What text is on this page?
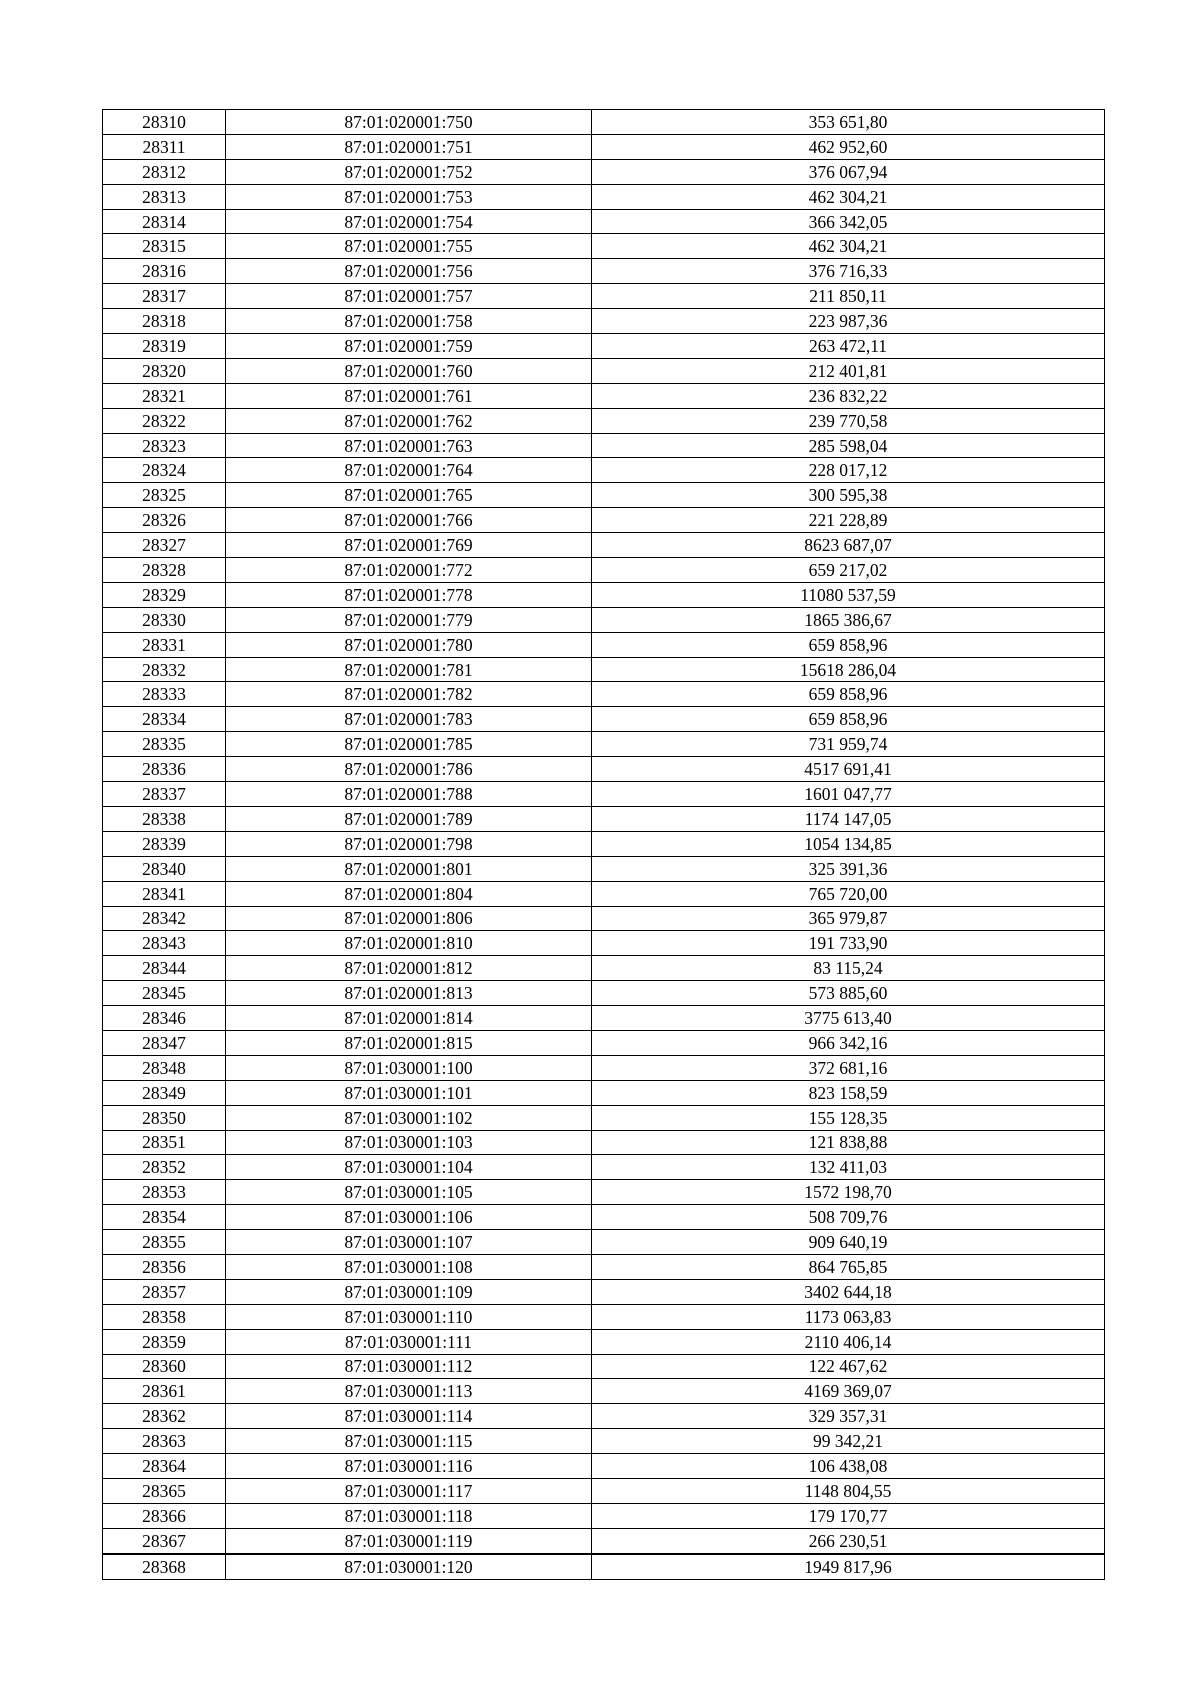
28310	87:01:020001:750	353 651,80
28311	87:01:020001:751	462 952,60
28312	87:01:020001:752	376 067,94
28313	87:01:020001:753	462 304,21
28314	87:01:020001:754	366 342,05
28315	87:01:020001:755	462 304,21
28316	87:01:020001:756	376 716,33
28317	87:01:020001:757	211 850,11
28318	87:01:020001:758	223 987,36
28319	87:01:020001:759	263 472,11
28320	87:01:020001:760	212 401,81
28321	87:01:020001:761	236 832,22
28322	87:01:020001:762	239 770,58
28323	87:01:020001:763	285 598,04
28324	87:01:020001:764	228 017,12
28325	87:01:020001:765	300 595,38
28326	87:01:020001:766	221 228,89
28327	87:01:020001:769	8623 687,07
28328	87:01:020001:772	659 217,02
28329	87:01:020001:778	11080 537,59
28330	87:01:020001:779	1865 386,67
28331	87:01:020001:780	659 858,96
28332	87:01:020001:781	15618 286,04
28333	87:01:020001:782	659 858,96
28334	87:01:020001:783	659 858,96
28335	87:01:020001:785	731 959,74
28336	87:01:020001:786	4517 691,41
28337	87:01:020001:788	1601 047,77
28338	87:01:020001:789	1174 147,05
28339	87:01:020001:798	1054 134,85
28340	87:01:020001:801	325 391,36
28341	87:01:020001:804	765 720,00
28342	87:01:020001:806	365 979,87
28343	87:01:020001:810	191 733,90
28344	87:01:020001:812	83 115,24
28345	87:01:020001:813	573 885,60
28346	87:01:020001:814	3775 613,40
28347	87:01:020001:815	966 342,16
28348	87:01:030001:100	372 681,16
28349	87:01:030001:101	823 158,59
28350	87:01:030001:102	155 128,35
28351	87:01:030001:103	121 838,88
28352	87:01:030001:104	132 411,03
28353	87:01:030001:105	1572 198,70
28354	87:01:030001:106	508 709,76
28355	87:01:030001:107	909 640,19
28356	87:01:030001:108	864 765,85
28357	87:01:030001:109	3402 644,18
28358	87:01:030001:110	1173 063,83
28359	87:01:030001:111	2110 406,14
28360	87:01:030001:112	122 467,62
28361	87:01:030001:113	4169 369,07
28362	87:01:030001:114	329 357,31
28363	87:01:030001:115	99 342,21
28364	87:01:030001:116	106 438,08
28365	87:01:030001:117	1148 804,55
28366	87:01:030001:118	179 170,77
28367	87:01:030001:119	266 230,51
28368	87:01:030001:120	1949 817,96
